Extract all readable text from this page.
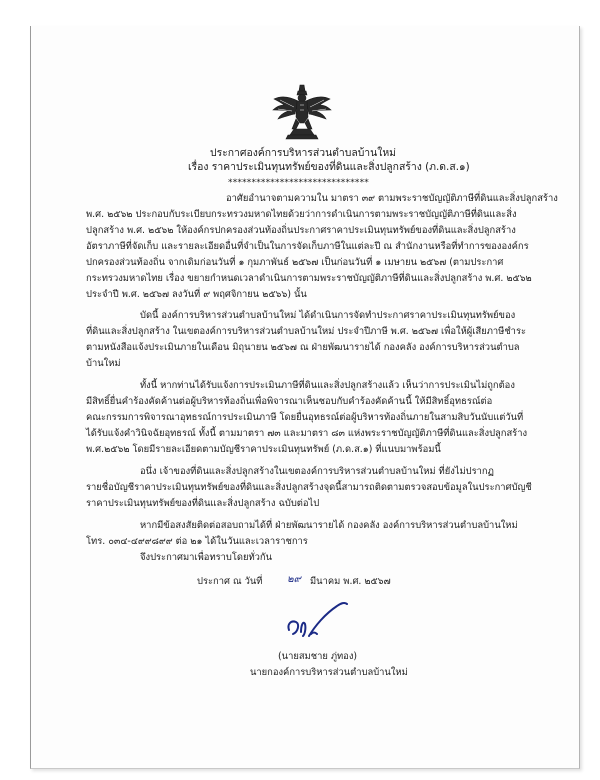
ประกาศองค์การบริหารส่วนตำบลบ้านใหม่
เรื่อง ราคาประเมินทุนทรัพย์ของที่ดินและสิ่งปลูกสร้าง (ภ.ด.ส.๑)
******************************
อาศัยอำนาจตามความใน มาตรา ๓๙ ตามพระราชบัญญัติภาษีที่ดินและสิ่งปลูกสร้าง
พ.ศ. ๒๕๖๒ ประกอบกับระเบียบกระทรวงมหาดไทยด้วยว่าการดำเนินการตามพระราชบัญญัติภาษีที่ดินและสิ่ง
ปลูกสร้าง พ.ศ. ๒๕๖๒ ให้องค์กรปกครองส่วนท้องถิ่นประกาศราคาประเมินทุนทรัพย์ของที่ดินและสิ่งปลูกสร้าง
อัตราภาษีที่จัดเก็บ และรายละเอียดอื่นที่จำเป็นในการจัดเก็บภาษีในแต่ละปี ณ สำนักงานหรือที่ทำการขององค์กร
ปกครองส่วนท้องถิ่น จากเดิมก่อนวันที่ ๑ กุมภาพันธ์ ๒๕๖๗ เป็นก่อนวันที่ ๑ เมษายน ๒๕๖๗ (ตามประกาศ
กระทรวงมหาดไทย เรื่อง ขยายกำหนดเวลาดำเนินการตามพระราชบัญญัติภาษีที่ดินและสิ่งปลูกสร้าง พ.ศ. ๒๕๖๒
ประจำปี พ.ศ. ๒๕๖๗ ลงวันที่ ๙ พฤศจิกายน ๒๕๖๖) นั้น
บัดนี้ องค์การบริหารส่วนตำบลบ้านใหม่ ได้ดำเนินการจัดทำประกาศราคาประเมินทุนทรัพย์ของ
ที่ดินและสิ่งปลูกสร้าง ในเขตองค์การบริหารส่วนตำบลบ้านใหม่ ประจำปีภาษี พ.ศ. ๒๕๖๗ เพื่อให้ผู้เสียภาษีชำระ
ตามหนังสือแจ้งประเมินภายในเดือน มิถุนายน ๒๕๖๗ ณ ฝ่ายพัฒนารายได้ กองคลัง องค์การบริหารส่วนตำบล
บ้านใหม่
ทั้งนี้ หากท่านได้รับแจ้งการประเมินภาษีที่ดินและสิ่งปลูกสร้างแล้ว เห็นว่าการประเมินไม่ถูกต้อง
มีสิทธิ์ยื่นคำร้องคัดค้านต่อผู้บริหารท้องถิ่นเพื่อพิจารณาเห็นชอบกับคำร้องคัดค้านนี้ ให้มีสิทธิ์อุทธรณ์ต่อ
คณะกรรมการพิจารณาอุทธรณ์การประเมินภาษี โดยยื่นอุทธรณ์ต่อผู้บริหารท้องถิ่นภายในสามสิบวันนับแต่วันที่
ได้รับแจ้งคำวินิจฉัยอุทธรณ์ ทั้งนี้ ตามมาตรา ๗๓ และมาตรา ๘๓ แห่งพระราชบัญญัติภาษีที่ดินและสิ่งปลูกสร้าง
พ.ศ.๒๕๖๒ โดยมีรายละเอียดตามบัญชีราคาประเมินทุนทรัพย์ (ภ.ด.ส.๑) ที่แนบมาพร้อมนี้
อนึ่ง เจ้าของที่ดินและสิ่งปลูกสร้างในเขตองค์การบริหารส่วนตำบลบ้านใหม่ ที่ยังไม่ปรากฏ
รายชื่อบัญชีราคาประเมินทุนทรัพย์ของที่ดินและสิ่งปลูกสร้างจุดนี้สามารถติดตามตรวจสอบข้อมูลในประกาศบัญชี
ราคาประเมินทุนทรัพย์ของที่ดินและสิ่งปลูกสร้าง ฉบับต่อไป
หากมีข้อสงสัยติดต่อสอบถามได้ที่ ฝ่ายพัฒนารายได้ กองคลัง องค์การบริหารส่วนตำบลบ้านใหม่
โทร. ๐๓๔-๔๙๙๘๙๙ ต่อ ๒๑ ได้ในวันและเวลาราชการ
จึงประกาศมาเพื่อทราบโดยทั่วกัน
ประกาศ ณ วันที่ ๒๙ มีนาคม พ.ศ. ๒๕๖๗
(นายสมชาย ภู่ทอง)
นายกองค์การบริหารส่วนตำบลบ้านใหม่
